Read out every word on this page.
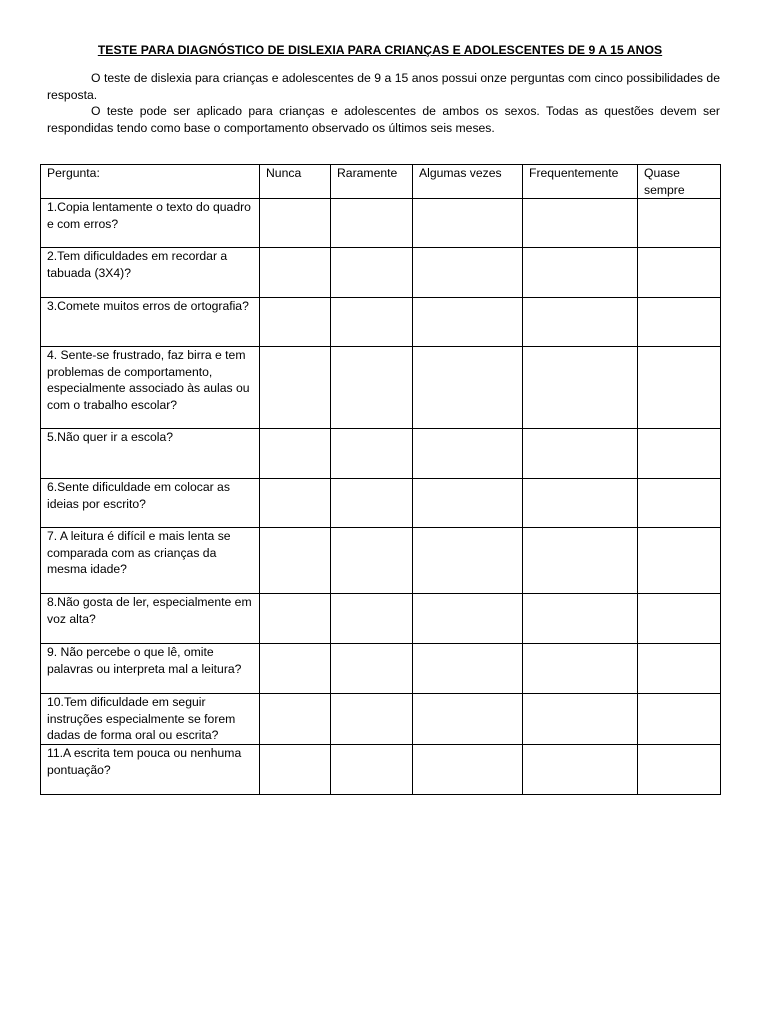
TESTE PARA DIAGNÓSTICO DE DISLEXIA PARA CRIANÇAS E ADOLESCENTES DE 9 A 15 ANOS

O teste de dislexia para crianças e adolescentes de 9 a 15 anos possui onze perguntas com cinco possibilidades de resposta.

O teste pode ser aplicado para crianças e adolescentes de ambos os sexos. Todas as questões devem ser respondidas tendo como base o comportamento observado os últimos seis meses.

Pergunta:	Nunca	Raramente	Algumas vezes	Frequentemente	Quase sempre
1.Copia lentamente o texto do quadro e com erros?					
2.Tem dificuldades em recordar a tabuada (3X4)?					
3.Comete muitos erros de ortografia?					
4. Sente-se frustrado, faz birra e tem problemas de comportamento, especialmente associado às aulas ou com o trabalho escolar?					
5.Não quer ir a escola?					
6.Sente dificuldade em colocar as ideias por escrito?					
7. A leitura é difícil e mais lenta se comparada com as crianças da mesma idade?					
8.Não gosta de ler, especialmente em voz alta?					
9. Não percebe o que lê, omite palavras ou interpreta mal a leitura?					
10.Tem dificuldade em seguir instruções especialmente se forem dadas de forma oral ou escrita?					
11.A escrita tem pouca ou nenhuma pontuação?					
